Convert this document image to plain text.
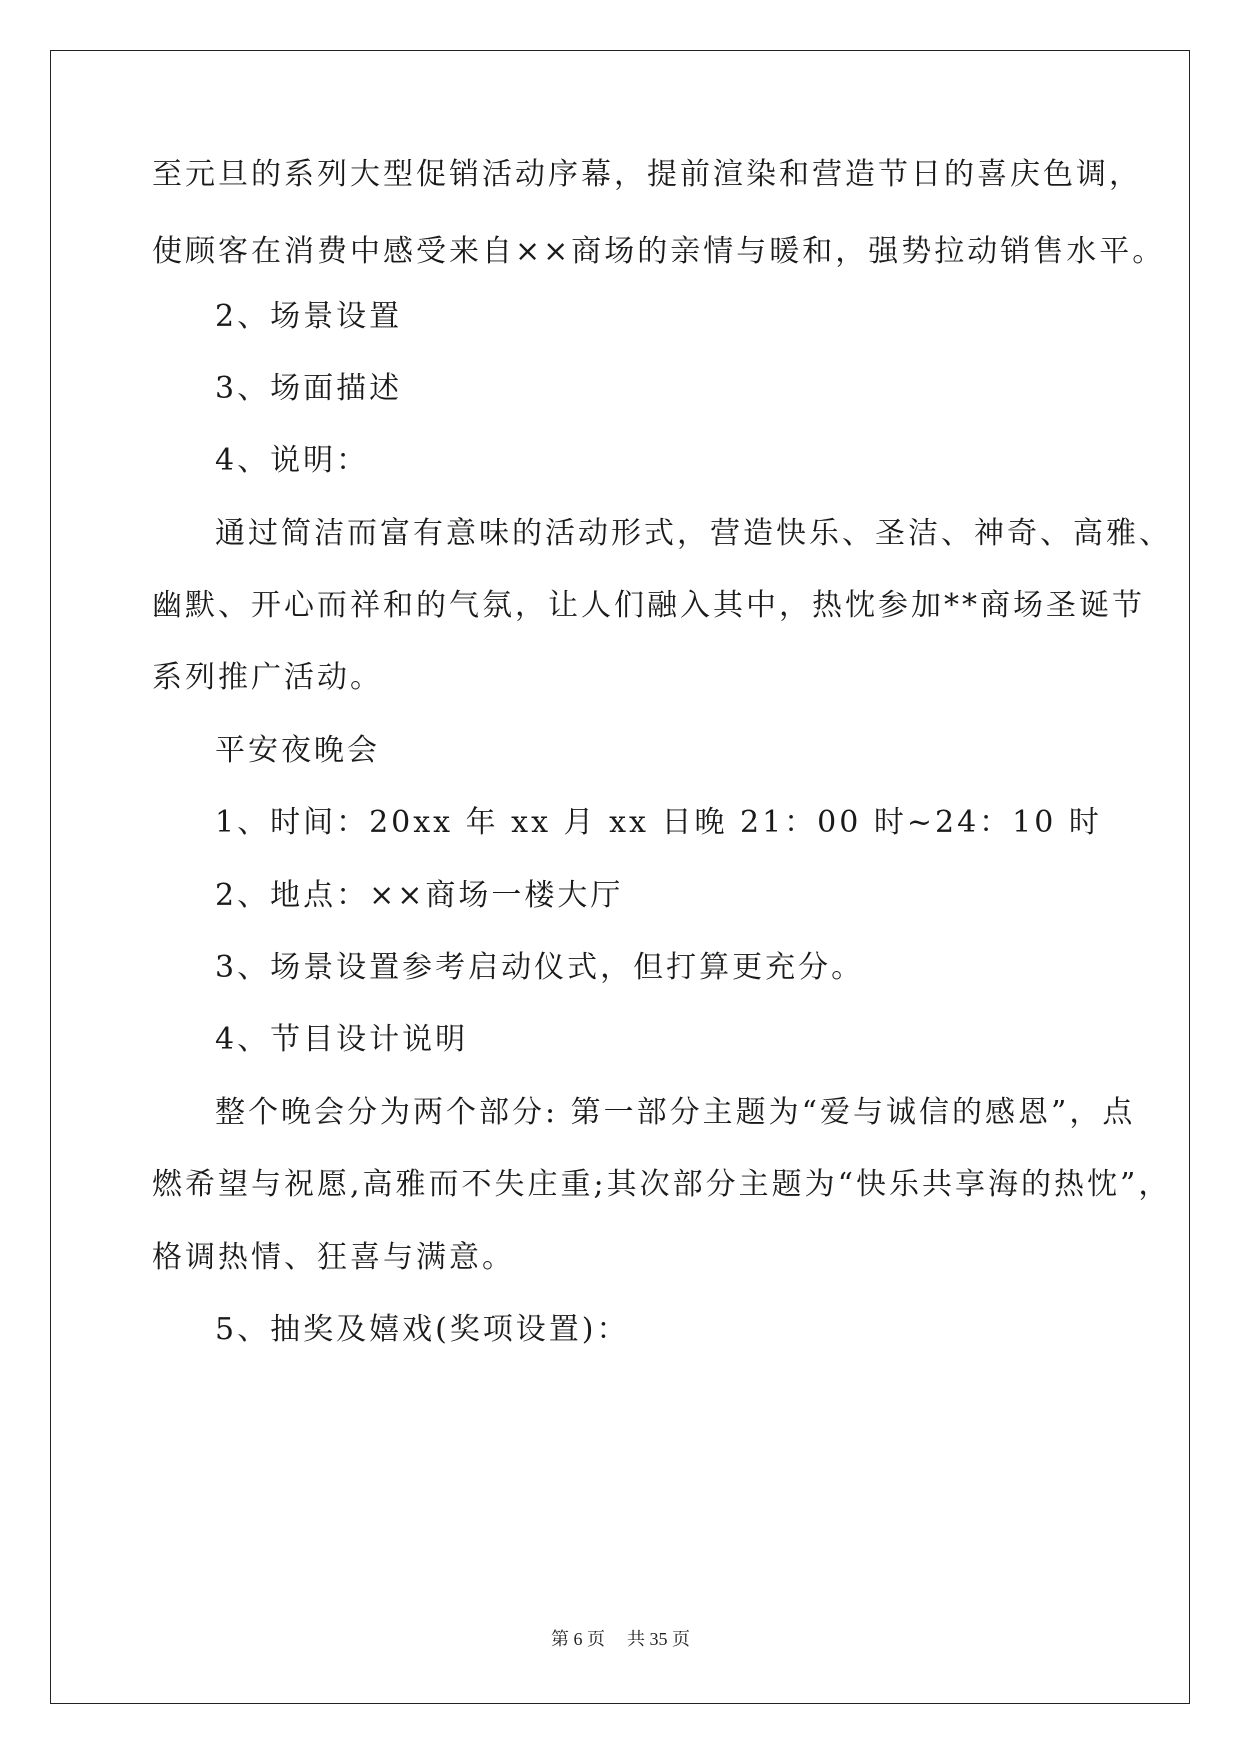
至元旦的系列大型促销活动序幕，提前渲染和营造节日的喜庆色调，
使顾客在消费中感受来自××商场的亲情与暖和，强势拉动销售水平。
2、场景设置
3、场面描述
4、说明：
通过简洁而富有意味的活动形式，营造快乐、圣洁、神奇、高雅、
幽默、开心而祥和的气氛，让人们融入其中，热忱参加**商场圣诞节
系列推广活动。
平安夜晚会
1、时间：20xx 年 xx 月 xx 日晚 21：00 时~24：10 时
2、地点：××商场一楼大厅
3、场景设置参考启动仪式，但打算更充分。
4、节目设计说明
整个晚会分为两个部分: 第一部分主题为“爱与诚信的感恩”，点
燃希望与祝愿,高雅而不失庄重;其次部分主题为“快乐共享海的热忱”，
格调热情、狂喜与满意。
5、抽奖及嬉戏(奖项设置)：
第 6 页 共 35 页
